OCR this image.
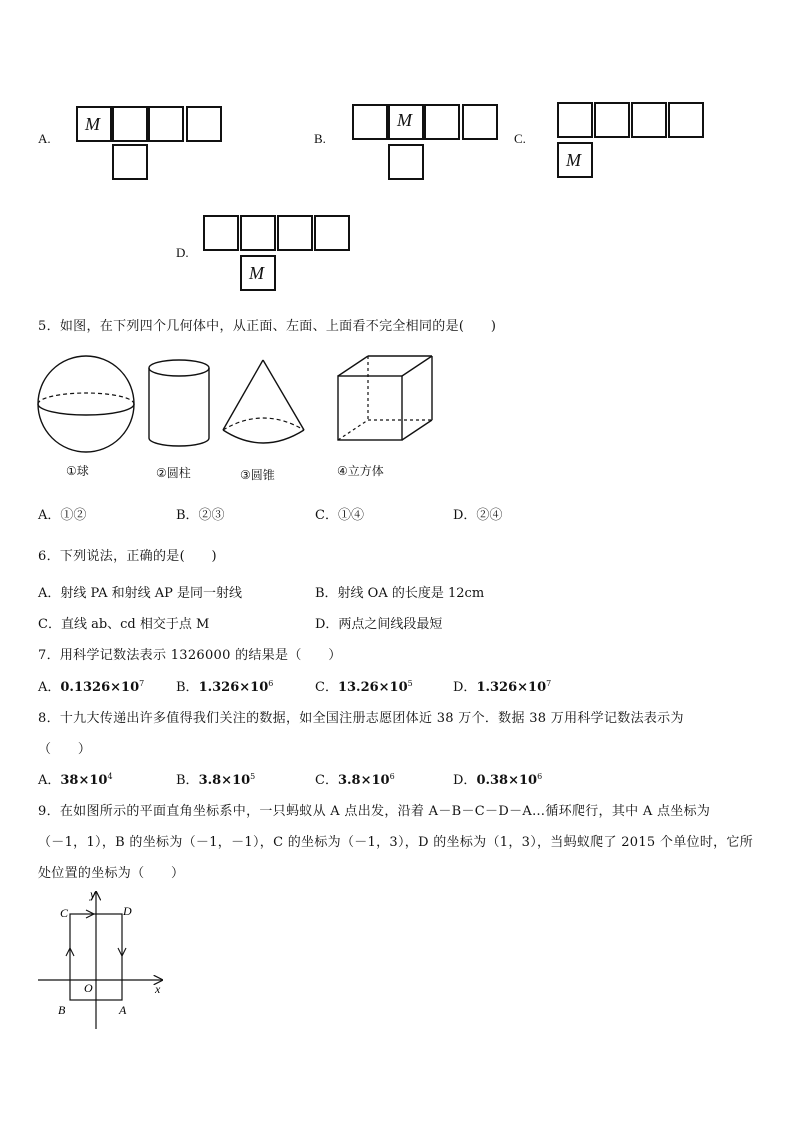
A.
M
B.
M
C.
M
D.
M
5．如图，在下列四个几何体中，从正面、左面、上面看不完全相同的是(　　)
①球	②圆柱	③圆锥	④立方体
A．①②	B．②③	C．①④	D．②④
6．下列说法，正确的是(　　)
A．射线 PA 和射线 AP 是同一射线	B．射线 OA 的长度是 12cm
C．直线 ab、cd 相交于点 M	D．两点之间线段最短
7．用科学记数法表示 1326000 的结果是（　　）
A．$0.1326\times 10^7$ B．$1.326\times 10^6$	C．$13.26\times 10^5$	D．$1.326\times 10^7$
8．十九大传递出许多值得我们关注的数据，如全国注册志愿团体近 38 万个．数据 38 万用科学记数法表示为
（　　）
A．$38\times 10^4$	B．$3.8\times 10^5$	C．$3.8\times 10^6$	D．$0.38\times 10^6$
9．在如图所示的平面直角坐标系中，一只蚂蚁从 A 点出发，沿着 A－B－C－D－A…循环爬行，其中 A 点坐标为
（－1，1），B 的坐标为（－1，－1），C 的坐标为（－1，3），D 的坐标为（1，3），当蚂蚁爬了 2015 个单位时，它所
处位置的坐标为（　　）
y
x
O
A
B
C	D
